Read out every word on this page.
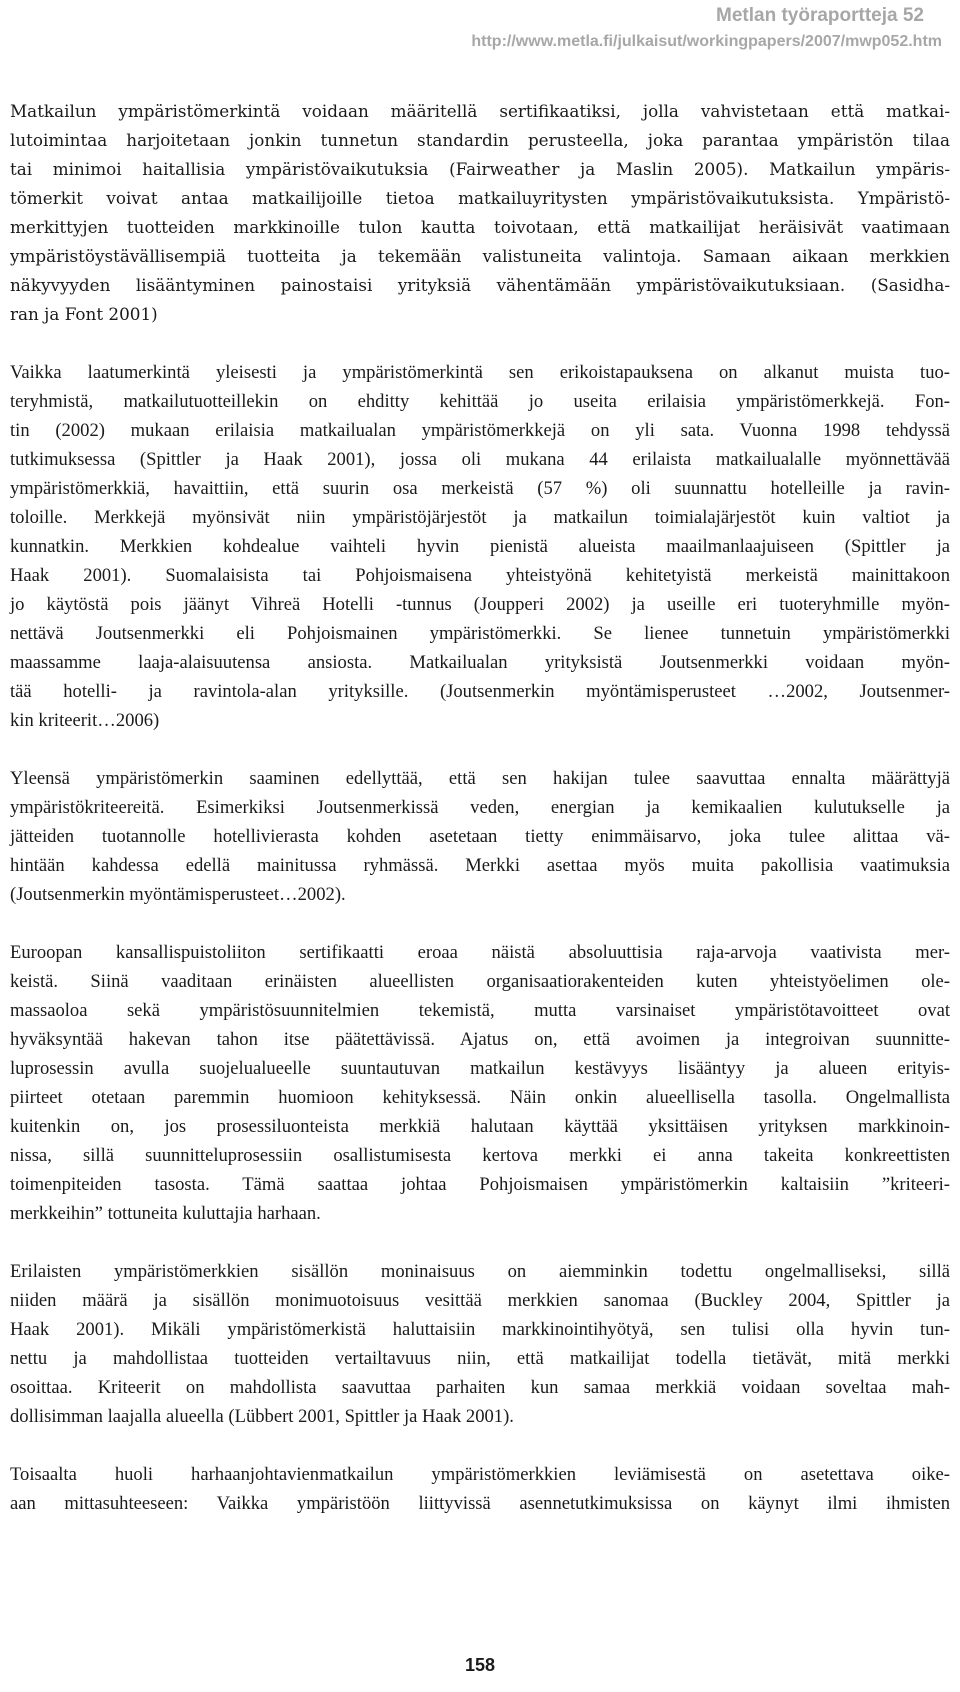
Metlan työraportteja 52
http://www.metla.fi/julkaisut/workingpapers/2007/mwp052.htm

Matkailun ympäristömerkintä voidaan määritellä sertifikaatiksi, jolla vahvistetaan että matkai-
lutoimintaa harjoitetaan jonkin tunnetun standardin perusteella, joka parantaa ympäristön tilaa
tai minimoi haitallisia ympäristövaikutuksia (Fairweather ja Maslin 2005). Matkailun ympäris-
tömerkit voivat antaa matkailijoille tietoa matkailuyritysten ympäristövaikutuksista. Ympäristö-
merkittyjen tuotteiden markkinoille tulon kautta toivotaan, että matkailijat heräisivät vaatimaan
ympäristöystävällisempiä tuotteita ja tekemään valistuneita valintoja. Samaan aikaan merkkien
näkyvyyden lisääntyminen painostaisi yrityksiä vähentämään ympäristövaikutuksiaan. (Sasidha-
ran ja Font 2001)

Vaikka laatumerkintä yleisesti ja ympäristömerkintä sen erikoistapauksena on alkanut muista tuo-
teryhmistä, matkailutuotteillekin on ehditty kehittää jo useita erilaisia ympäristömerkkejä. Fon-
tin (2002) mukaan erilaisia matkailualan ympäristömerkkejä on yli sata. Vuonna 1998 tehdyssä
tutkimuksessa (Spittler ja Haak 2001), jossa oli mukana 44 erilaista matkailualalle myönnettävää
ympäristömerkkiä, havaittiin, että suurin osa merkeistä (57 %) oli suunnattu hotelleille ja ravin-
toloille. Merkkejä myönsivät niin ympäristöjärjestöt ja matkailun toimialajärjestöt kuin valtiot ja
kunnatkin. Merkkien kohdealue vaihteli hyvin pienistä alueista maailmanlaajuiseen (Spittler ja
Haak 2001). Suomalaisista tai Pohjoismaisena yhteistyönä kehitetyistä merkeistä mainittakoon
jo käytöstä pois jäänyt Vihreä Hotelli -tunnus (Joupperi 2002) ja useille eri tuoteryhmille myön-
nettävä Joutsenmerkki eli Pohjoismainen ympäristömerkki. Se lienee tunnetuin ympäristömerkki
maassamme laaja-alaisuutensa ansiosta. Matkailualan yrityksistä Joutsenmerkki voidaan myön-
tää hotelli- ja ravintola-alan yrityksille. (Joutsenmerkin myöntämisperusteet …2002, Joutsenmer-
kin kriteerit…2006)

Yleensä ympäristömerkin saaminen edellyttää, että sen hakijan tulee saavuttaa ennalta määrättyjä
ympäristökriteereitä. Esimerkiksi Joutsenmerkissä veden, energian ja kemikaalien kulutukselle ja
jätteiden tuotannolle hotellivierasta kohden asetetaan tietty enimmäisarvo, joka tulee alittaa vä-
hintään kahdessa edellä mainitussa ryhmässä. Merkki asettaa myös muita pakollisia vaatimuksia
(Joutsenmerkin myöntämisperusteet…2002).

Euroopan kansallispuistoliiton sertifikaatti eroaa näistä absoluuttisia raja-arvoja vaativista mer-
keistä. Siinä vaaditaan erinäisten alueellisten organisaatiorakenteiden kuten yhteistyöelimen ole-
massaoloa sekä ympäristösuunnitelmien tekemistä, mutta varsinaiset ympäristötavoitteet ovat
hyväksyntää hakevan tahon itse päätettävissä. Ajatus on, että avoimen ja integroivan suunnitte-
luprosessin avulla suojelualueelle suuntautuvan matkailun kestävyys lisääntyy ja alueen erityis-
piirteet otetaan paremmin huomioon kehityksessä. Näin onkin alueellisella tasolla. Ongelmallista
kuitenkin on, jos prosessiluonteista merkkiä halutaan käyttää yksittäisen yrityksen markkinoin-
nissa, sillä suunnitteluprosessiin osallistumisesta kertova merkki ei anna takeita konkreettisten
toimenpiteiden tasosta. Tämä saattaa johtaa Pohjoismaisen ympäristömerkin kaltaisiin ”kriteeri-
merkkeihin” tottuneita kuluttajia harhaan.

Erilaisten ympäristömerkkien sisällön moninaisuus on aiemminkin todettu ongelmalliseksi, sillä
niiden määrä ja sisällön monimuotoisuus vesittää merkkien sanomaa (Buckley 2004, Spittler ja
Haak 2001). Mikäli ympäristömerkistä haluttaisiin markkinointihyötyä, sen tulisi olla hyvin tun-
nettu ja mahdollistaa tuotteiden vertailtavuus niin, että matkailijat todella tietävät, mitä merkki
osoittaa. Kriteerit on mahdollista saavuttaa parhaiten kun samaa merkkiä voidaan soveltaa mah-
dollisimman laajalla alueella (Lübbert 2001, Spittler ja Haak 2001).

Toisaalta huoli harhaanjohtavienmatkailun ympäristömerkkien leviämisestä on asetettava oike-
aan mittasuhteeseen: Vaikka ympäristöön liittyvissä asennetutkimuksissa on käynyt ilmi ihmisten

158
